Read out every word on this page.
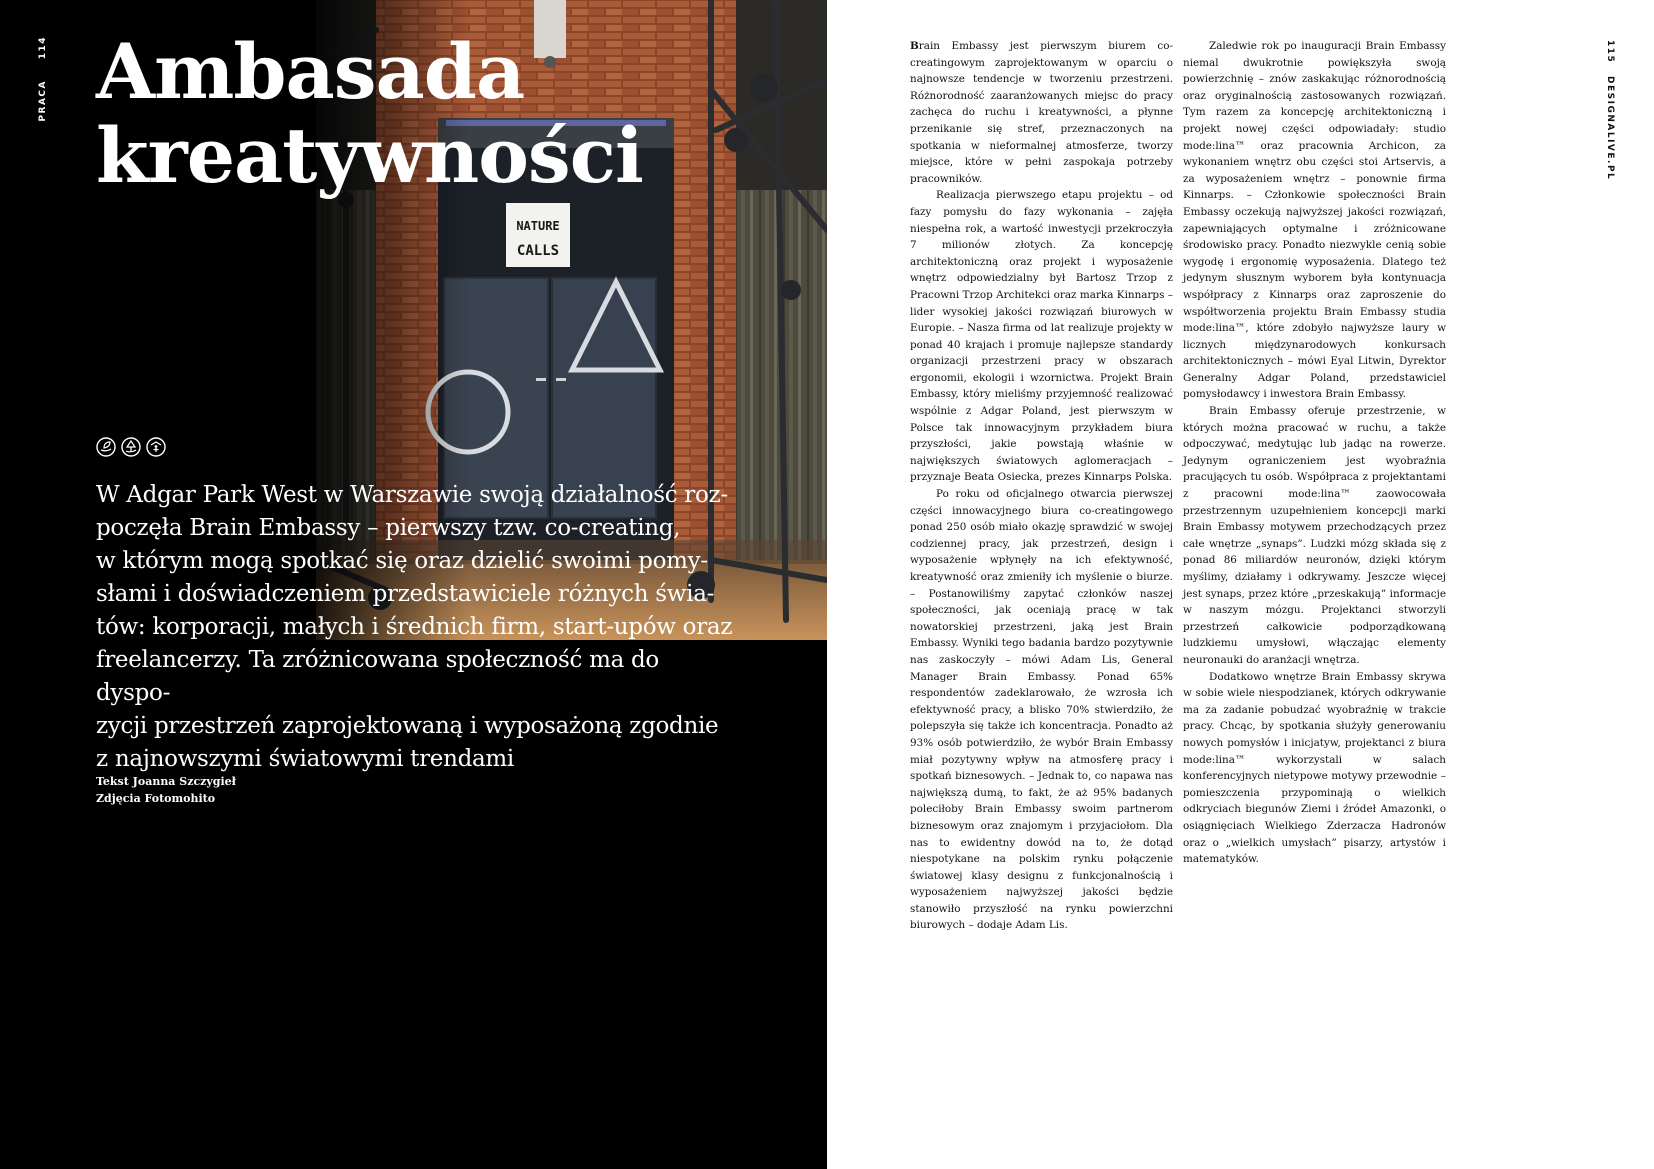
114
PRACA Ambasada
kreatywności

W Adgar Park West w Warszawie swoją działalność roz-
poczęła Brain Embassy – pierwszy tzw. co-creating,
w którym mogą spotkać się oraz dzielić swoimi pomy-
słami i doświadczeniem przedstawiciele różnych świa-
tów: korporacji, małych i średnich firm, start-upów oraz
freelancerzy. Ta zróżnicowana społeczność ma do dyspo-
zycji przestrzeń zaprojektowaną i wyposażoną zgodnie
z najnowszymi światowymi trendami

Tekst Joanna Szczygieł
Zdjęcia Fotomohito

Brain Embassy jest pierwszym biurem co-creatingowym zaprojektowanym w oparciu o najnowsze tendencje w tworzeniu przestrzeni. Różnorodność zaaranżowanych miejsc do pracy zachęca do ruchu i kreatywności, a płynne przenikanie się stref, przeznaczonych na spotkania w nieformalnej atmosferze, tworzy miejsce, które w pełni zaspokaja potrzeby pracowników.

Realizacja pierwszego etapu projektu – od fazy pomysłu do fazy wykonania – zajęła niespełna rok, a wartość inwestycji przekroczyła 7 milionów złotych. Za koncepcję architektoniczną oraz projekt i wyposażenie wnętrz odpowiedzialny był Bartosz Trzop z Pracowni Trzop Architekci oraz marka Kinnarps – lider wysokiej jakości rozwiązań biurowych w Europie. – Nasza firma od lat realizuje projekty w ponad 40 krajach i promuje najlepsze standardy organizacji przestrzeni pracy w obszarach ergonomii, ekologii i wzornictwa. Projekt Brain Embassy, który mieliśmy przyjemność realizować wspólnie z Adgar Poland, jest pierwszym w Polsce tak innowacyjnym przykładem biura przyszłości, jakie powstają właśnie w największych światowych aglomeracjach – przyznaje Beata Osiecka, prezes Kinnarps Polska.

Po roku od oficjalnego otwarcia pierwszej części innowacyjnego biura co-creatingowego ponad 250 osób miało okazję sprawdzić w swojej codziennej pracy, jak przestrzeń, design i wyposażenie wpłynęły na ich efektywność, kreatywność oraz zmieniły ich myślenie o biurze. – Postanowiliśmy zapytać członków naszej społeczności, jak oceniają pracę w tak nowatorskiej przestrzeni, jaką jest Brain Embassy. Wyniki tego badania bardzo pozytywnie nas zaskoczyły – mówi Adam Lis, General Manager Brain Embassy. Ponad 65% respondentów zadeklarowało, że wzrosła ich efektywność pracy, a blisko 70% stwierdziło, że polepszyła się także ich koncentracja. Ponadto aż 93% osób potwierdziło, że wybór Brain Embassy miał pozytywny wpływ na atmosferę pracy i spotkań biznesowych. – Jednak to, co napawa nas największą dumą, to fakt, że aż 95% badanych poleciłoby Brain Embassy swoim partnerom biznesowym oraz znajomym i przyjaciołom. Dla nas to ewidentny dowód na to, że dotąd niespotykane na polskim rynku połączenie światowej klasy designu z funkcjonalnością i wyposażeniem najwyższej jakości będzie stanowiło przyszłość na rynku powierzchni biurowych – dodaje Adam Lis.

Zaledwie rok po inauguracji Brain Embassy niemal dwukrotnie powiększyła swoją powierzchnię – znów zaskakując różnorodnością oraz oryginalnością zastosowanych rozwiązań. Tym razem za koncepcję architektoniczną i projekt nowej części odpowiadały: studio mode:lina™ oraz pracownia Archicon, za wykonaniem wnętrz obu części stoi Artservis, a za wyposażeniem wnętrz – ponownie firma Kinnarps. – Członkowie społeczności Brain Embassy oczekują najwyższej jakości rozwiązań, zapewniających optymalne i zróżnicowane środowisko pracy. Ponadto niezwykle cenią sobie wygodę i ergonomię wyposażenia. Dlatego też jedynym słusznym wyborem była kontynuacja współpracy z Kinnarps oraz zaproszenie do współtworzenia projektu Brain Embassy studia mode:lina™, które zdobyło najwyższe laury w licznych międzynarodowych konkursach architektonicznych – mówi Eyal Litwin, Dyrektor Generalny Adgar Poland, przedstawiciel pomysłodawcy i inwestora Brain Embassy.

Brain Embassy oferuje przestrzenie, w których można pracować w ruchu, a także odpoczywać, medytując lub jadąc na rowerze. Jedynym ograniczeniem jest wyobraźnia pracujących tu osób. Współpraca z projektantami z pracowni mode:lina™ zaowocowała przestrzennym uzupełnieniem koncepcji marki Brain Embassy motywem przechodzących przez całe wnętrze „synaps”. Ludzki mózg składa się z ponad 86 miliardów neuronów, dzięki którym myślimy, działamy i odkrywamy. Jeszcze więcej jest synaps, przez które „przeskakują” informacje w naszym mózgu. Projektanci stworzyli przestrzeń całkowicie podporządkowaną ludzkiemu umysłowi, włączając elementy neuronauki do aranżacji wnętrza.

Dodatkowo wnętrze Brain Embassy skrywa w sobie wiele niespodzianek, których odkrywanie ma za zadanie pobudzać wyobraźnię w trakcie pracy. Chcąc, by spotkania służyły generowaniu nowych pomysłów i inicjatyw, projektanci z biura mode:lina™ wykorzystali w salach konferencyjnych nietypowe motywy przewodnie – pomieszczenia przypominają o wielkich odkryciach biegunów Ziemi i źródeł Amazonki, o osiągnięciach Wielkiego Zderzacza Hadronów oraz o „wielkich umysłach” pisarzy, artystów i matematyków.

115
DESIGNALIVE.PL
